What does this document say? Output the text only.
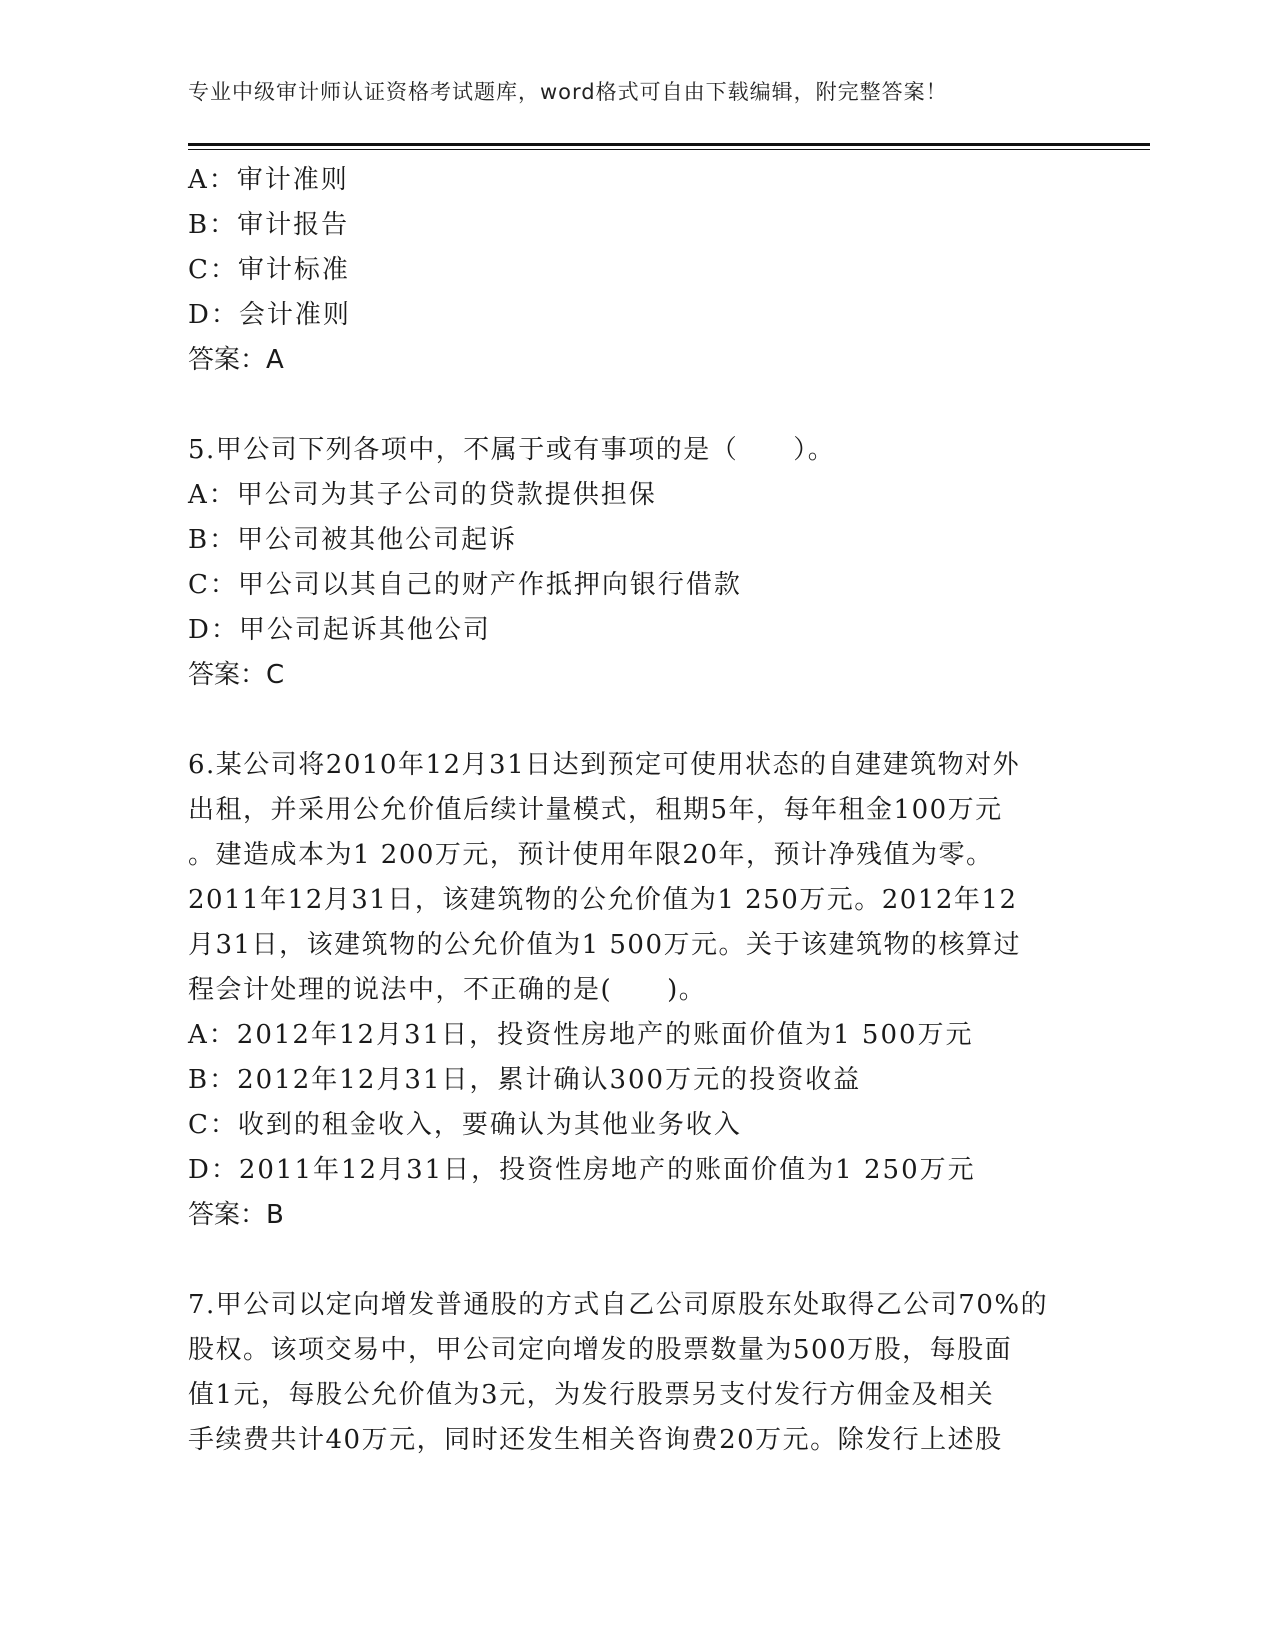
专业中级审计师认证资格考试题库，word格式可自由下载编辑，附完整答案！
A：审计准则
B：审计报告
C：审计标准
D：会计准则
答案：A
5.甲公司下列各项中，不属于或有事项的是（　　）。
A：甲公司为其子公司的贷款提供担保
B：甲公司被其他公司起诉
C：甲公司以其自己的财产作抵押向银行借款
D：甲公司起诉其他公司
答案：C
6.某公司将2010年12月31日达到预定可使用状态的自建建筑物对外
出租，并采用公允价值后续计量模式，租期5年，每年租金100万元
。建造成本为1 200万元，预计使用年限20年，预计净残值为零。
2011年12月31日，该建筑物的公允价值为1 250万元。2012年12
月31日，该建筑物的公允价值为1 500万元。关于该建筑物的核算过
程会计处理的说法中，不正确的是(　　)。
A：2012年12月31日，投资性房地产的账面价值为1 500万元
B：2012年12月31日，累计确认300万元的投资收益
C：收到的租金收入，要确认为其他业务收入
D：2011年12月31日，投资性房地产的账面价值为1 250万元
答案：B
7.甲公司以定向增发普通股的方式自乙公司原股东处取得乙公司70%的
股权。该项交易中，甲公司定向增发的股票数量为500万股，每股面
值1元，每股公允价值为3元，为发行股票另支付发行方佣金及相关
手续费共计40万元，同时还发生相关咨询费20万元。除发行上述股
